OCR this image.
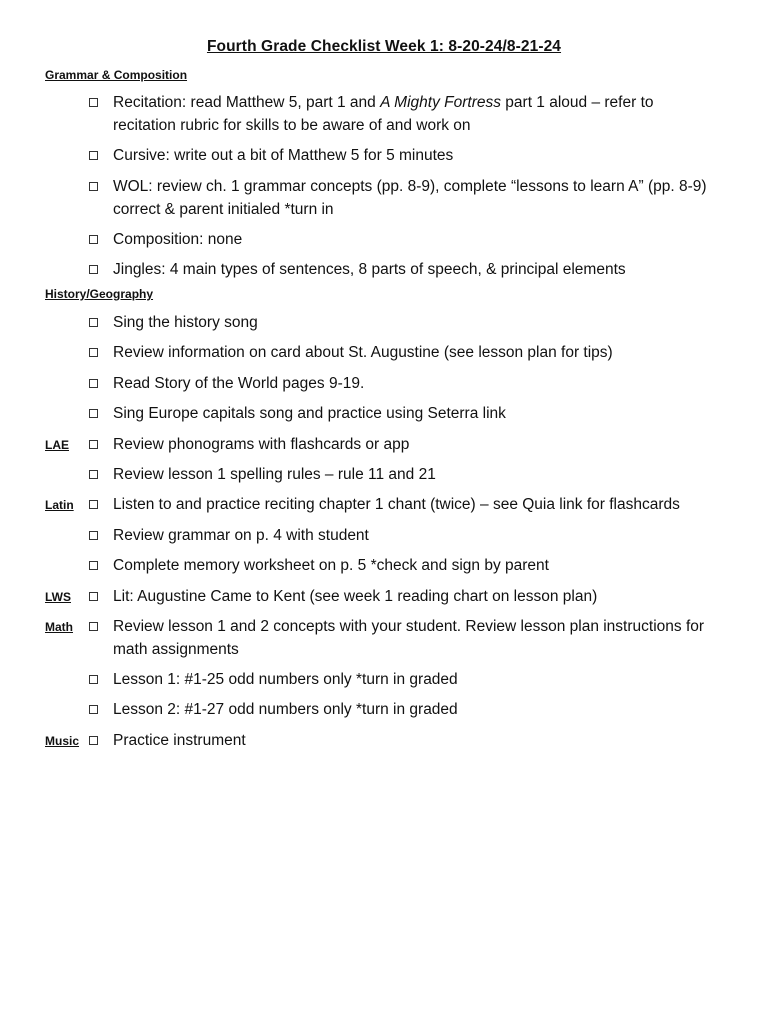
Fourth Grade Checklist Week 1: 8-20-24/8-21-24
Grammar & Composition
Recitation: read Matthew 5, part 1 and A Mighty Fortress part 1 aloud – refer to recitation rubric for skills to be aware of and work on
Cursive: write out a bit of Matthew 5 for 5 minutes
WOL: review ch. 1 grammar concepts (pp. 8-9), complete “lessons to learn A” (pp. 8-9) correct & parent initialed *turn in
Composition: none
Jingles: 4 main types of sentences, 8 parts of speech, & principal elements
History/Geography
Sing the history song
Review information on card about St. Augustine (see lesson plan for tips)
Read Story of the World pages 9-19.
Sing Europe capitals song and practice using Seterra link
LAE	Review phonograms with flashcards or app
Review lesson 1 spelling rules – rule 11 and 21
Latin	Listen to and practice reciting chapter 1 chant (twice) – see Quia link for flashcards
Review grammar on p. 4 with student
Complete memory worksheet on p. 5 *check and sign by parent
LWS	Lit: Augustine Came to Kent (see week 1 reading chart on lesson plan)
Math	Review lesson 1 and 2 concepts with your student. Review lesson plan instructions for math assignments
Lesson 1: #1-25 odd numbers only *turn in graded
Lesson 2: #1-27 odd numbers only *turn in graded
Music Practice instrument
